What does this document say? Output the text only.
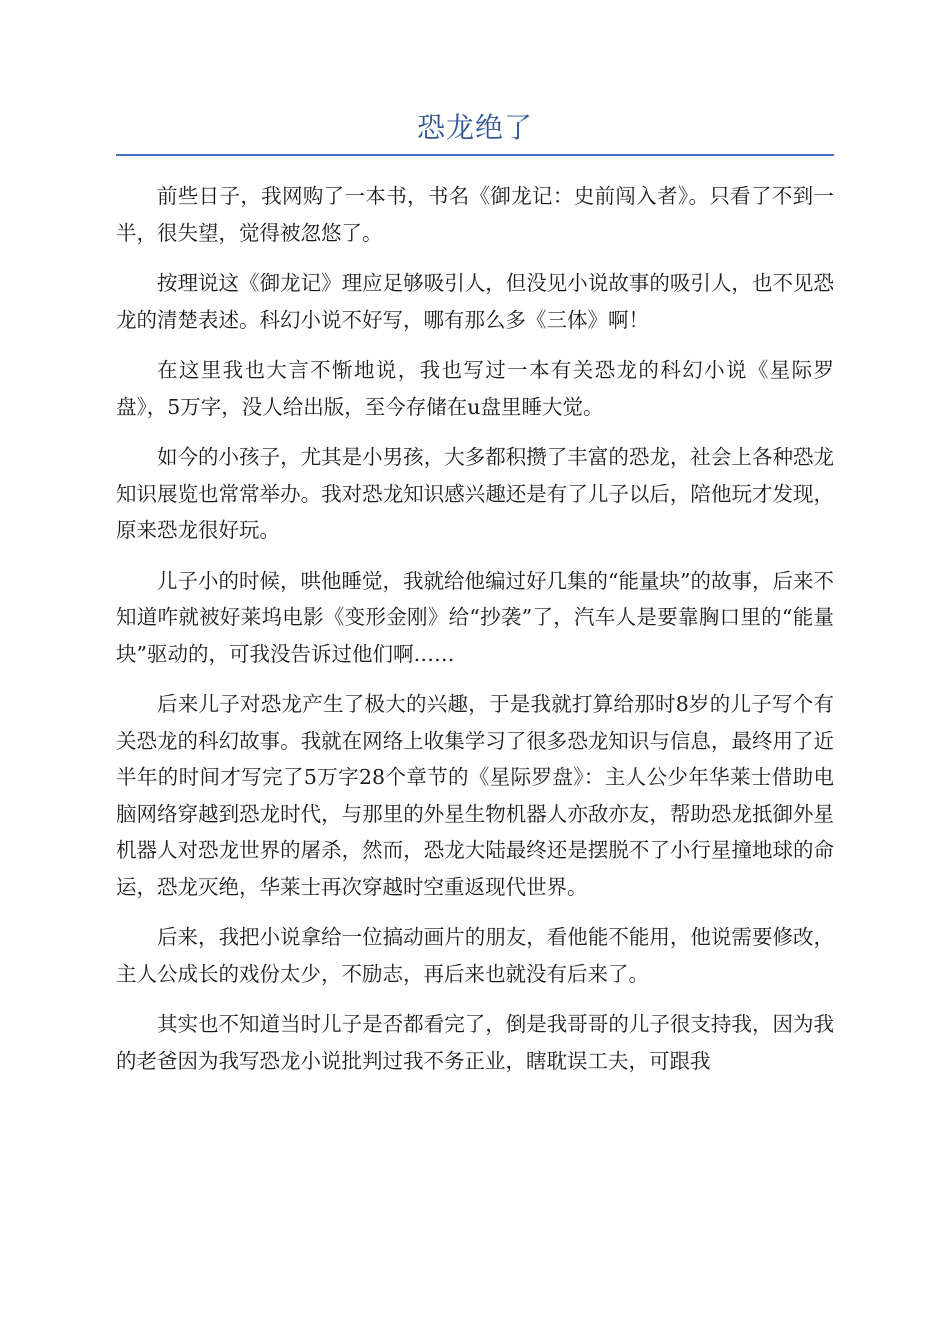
恐龙绝了

前些日子，我网购了一本书，书名《御龙记：史前闯入者》。只看了不到一半，很失望，觉得被忽悠了。

按理说这《御龙记》理应足够吸引人，但没见小说故事的吸引人，也不见恐龙的清楚表述。科幻小说不好写，哪有那么多《三体》啊！

在这里我也大言不惭地说，我也写过一本有关恐龙的科幻小说《星际罗盘》，5万字，没人给出版，至今存储在u盘里睡大觉。

如今的小孩子，尤其是小男孩，大多都积攒了丰富的恐龙，社会上各种恐龙知识展览也常常举办。我对恐龙知识感兴趣还是有了儿子以后，陪他玩才发现，原来恐龙很好玩。

儿子小的时候，哄他睡觉，我就给他编过好几集的“能量块”的故事，后来不知道咋就被好莱坞电影《变形金刚》给“抄袭”了，汽车人是要靠胸口里的“能量块”驱动的，可我没告诉过他们啊……

后来儿子对恐龙产生了极大的兴趣，于是我就打算给那时8岁的儿子写个有关恐龙的科幻故事。我就在网络上收集学习了很多恐龙知识与信息，最终用了近半年的时间才写完了5万字28个章节的《星际罗盘》：主人公少年华莱士借助电脑网络穿越到恐龙时代，与那里的外星生物机器人亦敌亦友，帮助恐龙抵御外星机器人对恐龙世界的屠杀，然而，恐龙大陆最终还是摆脱不了小行星撞地球的命运，恐龙灭绝，华莱士再次穿越时空重返现代世界。

后来，我把小说拿给一位搞动画片的朋友，看他能不能用，他说需要修改，主人公成长的戏份太少，不励志，再后来也就没有后来了。

其实也不知道当时儿子是否都看完了，倒是我哥哥的儿子很支持我，因为我的老爸因为我写恐龙小说批判过我不务正业，瞎耽误工夫，可跟我
